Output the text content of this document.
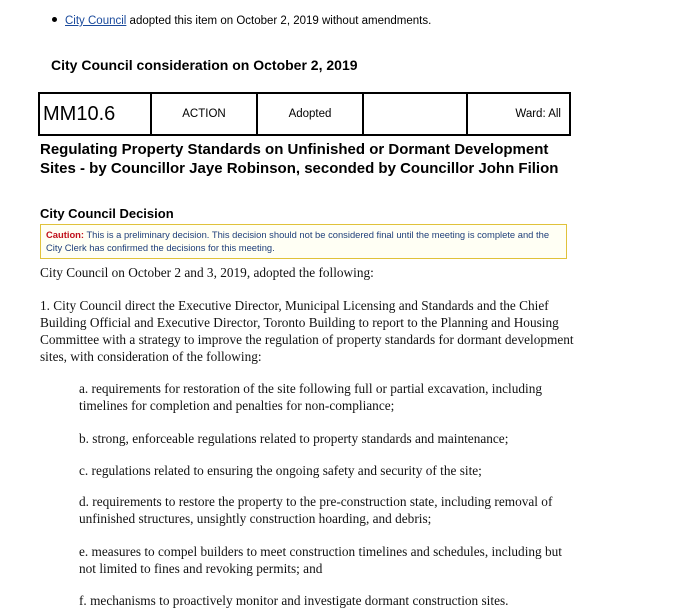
City Council adopted this item on October 2, 2019 without amendments.
City Council consideration on October 2, 2019
MM10.6	ACTION	Adopted		Ward: All
Regulating Property Standards on Unfinished or Dormant Development Sites - by Councillor Jaye Robinson, seconded by Councillor John Filion
City Council Decision
Caution: This is a preliminary decision. This decision should not be considered final until the meeting is complete and the City Clerk has confirmed the decisions for this meeting.

City Council on October 2 and 3, 2019, adopted the following:

1. City Council direct the Executive Director, Municipal Licensing and Standards and the Chief Building Official and Executive Director, Toronto Building to report to the Planning and Housing Committee with a strategy to improve the regulation of property standards for dormant development sites, with consideration of the following:

a. requirements for restoration of the site following full or partial excavation, including timelines for completion and penalties for non-compliance;

b. strong, enforceable regulations related to property standards and maintenance;

c. regulations related to ensuring the ongoing safety and security of the site;

d. requirements to restore the property to the pre-construction state, including removal of unfinished structures, unsightly construction hoarding, and debris;

e. measures to compel builders to meet construction timelines and schedules, including but not limited to fines and revoking permits; and

f. mechanisms to proactively monitor and investigate dormant construction sites.
